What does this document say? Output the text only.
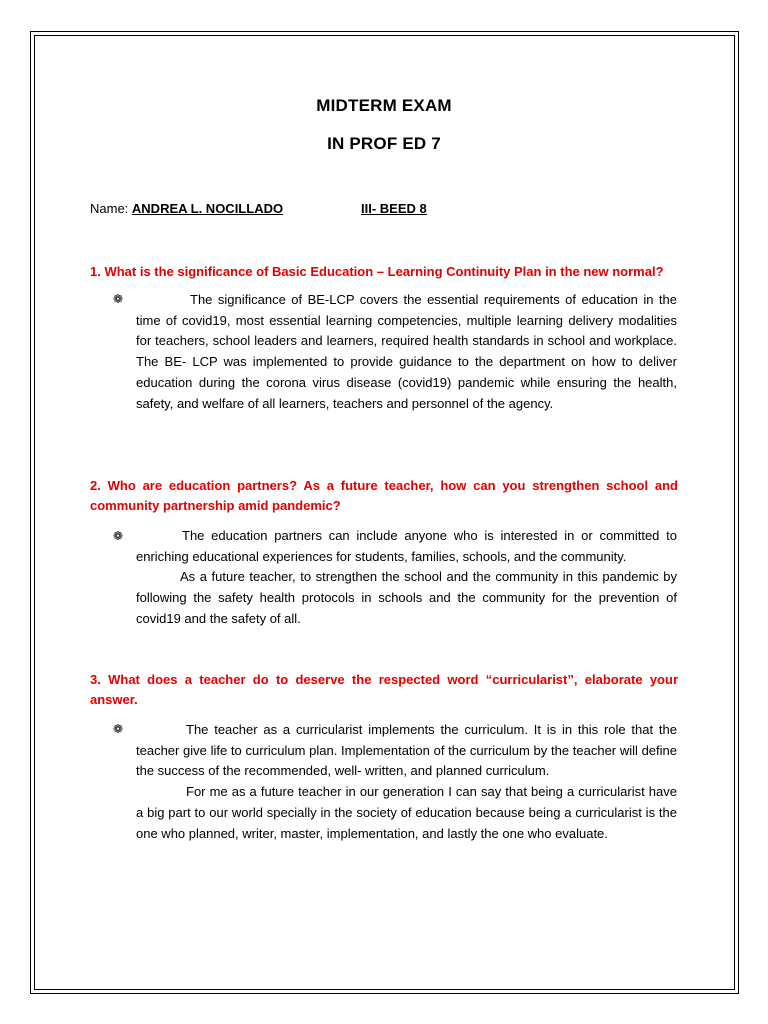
MIDTERM EXAM
IN PROF ED 7
Name: ANDREA L. NOCILLADO	III- BEED 8
1. What is the significance of Basic Education – Learning Continuity Plan in the new normal?
❁	The significance of BE-LCP covers the essential requirements of education in the time of covid19, most essential learning competencies, multiple learning delivery modalities for teachers, school leaders and learners, required health standards in school and workplace. The BE- LCP was implemented to provide guidance to the department on how to deliver education during the corona virus disease (covid19) pandemic while ensuring the health, safety, and welfare of all learners, teachers and personnel of the agency.

2. Who are education partners? As a future teacher, how can you strengthen school and community partnership amid pandemic?
❁	The education partners can include anyone who is interested in or committed to enriching educational experiences for students, families, schools, and the community.

As a future teacher, to strengthen the school and the community in this pandemic by following the safety health protocols in schools and the community for the prevention of covid19 and the safety of all.

3. What does a teacher do to deserve the respected word “curricularist”, elaborate your answer.
❁	The teacher as a curricularist implements the curriculum. It is in this role that the teacher give life to curriculum plan. Implementation of the curriculum by the teacher will define the success of the recommended, well- written, and planned curriculum.

For me as a future teacher in our generation I can say that being a curricularist have a big part to our world specially in the society of education because being a curricularist is the one who planned, writer, master, implementation, and lastly the one who evaluate.
